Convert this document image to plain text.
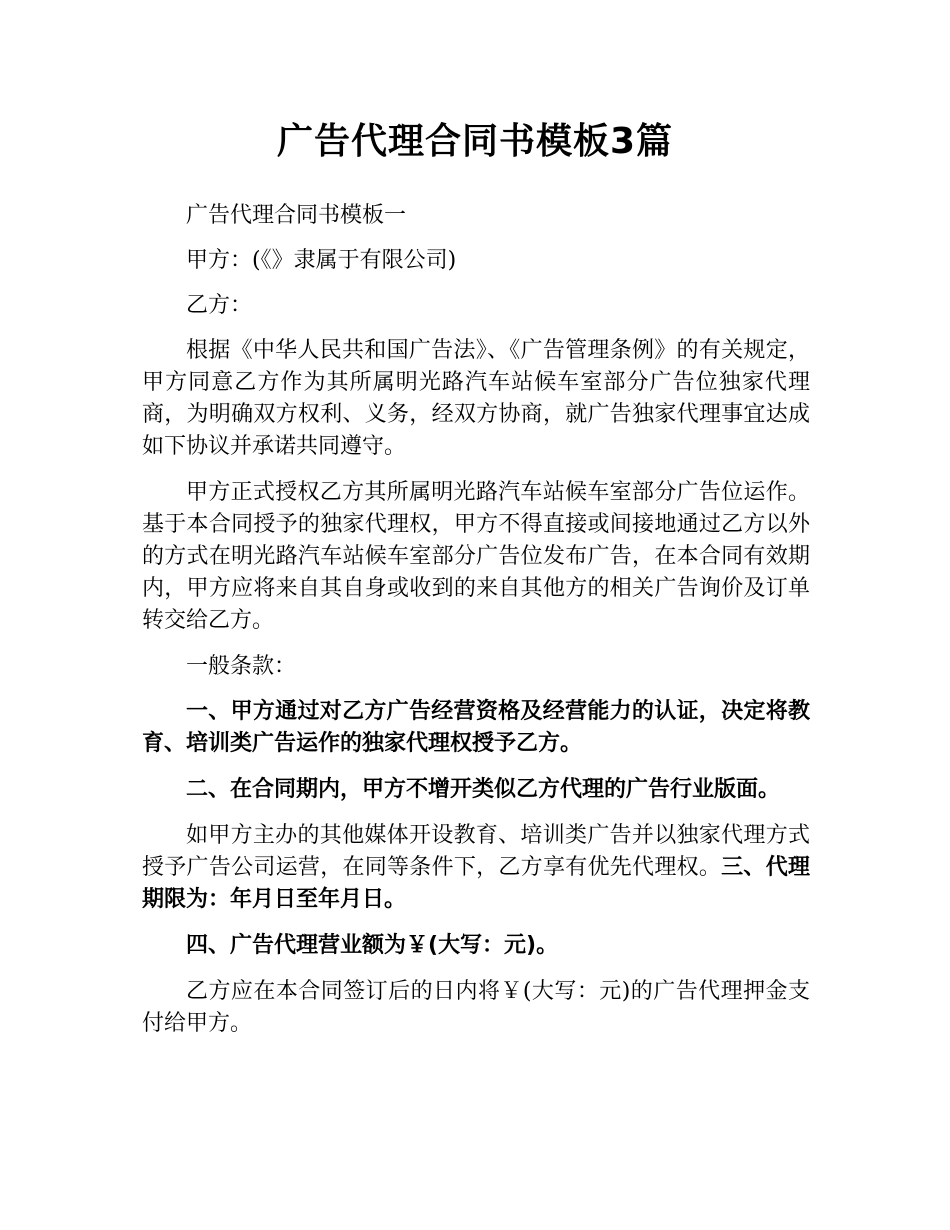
广告代理合同书模板3篇

广告代理合同书模板一

甲方：(《》隶属于有限公司)

乙方：

根据《中华人民共和国广告法》、《广告管理条例》的有关规定，甲方同意乙方作为其所属明光路汽车站候车室部分广告位独家代理商，为明确双方权利、义务，经双方协商，就广告独家代理事宜达成如下协议并承诺共同遵守。

甲方正式授权乙方其所属明光路汽车站候车室部分广告位运作。基于本合同授予的独家代理权，甲方不得直接或间接地通过乙方以外的方式在明光路汽车站候车室部分广告位发布广告，在本合同有效期内，甲方应将来自其自身或收到的来自其他方的相关广告询价及订单转交给乙方。

一般条款：

一、甲方通过对乙方广告经营资格及经营能力的认证，决定将教育、培训类广告运作的独家代理权授予乙方。

二、在合同期内，甲方不增开类似乙方代理的广告行业版面。

如甲方主办的其他媒体开设教育、培训类广告并以独家代理方式授予广告公司运营，在同等条件下，乙方享有优先代理权。三、代理期限为：年月日至年月日。

四、广告代理营业额为￥(大写：元)。

乙方应在本合同签订后的日内将￥(大写：元)的广告代理押金支付给甲方。
